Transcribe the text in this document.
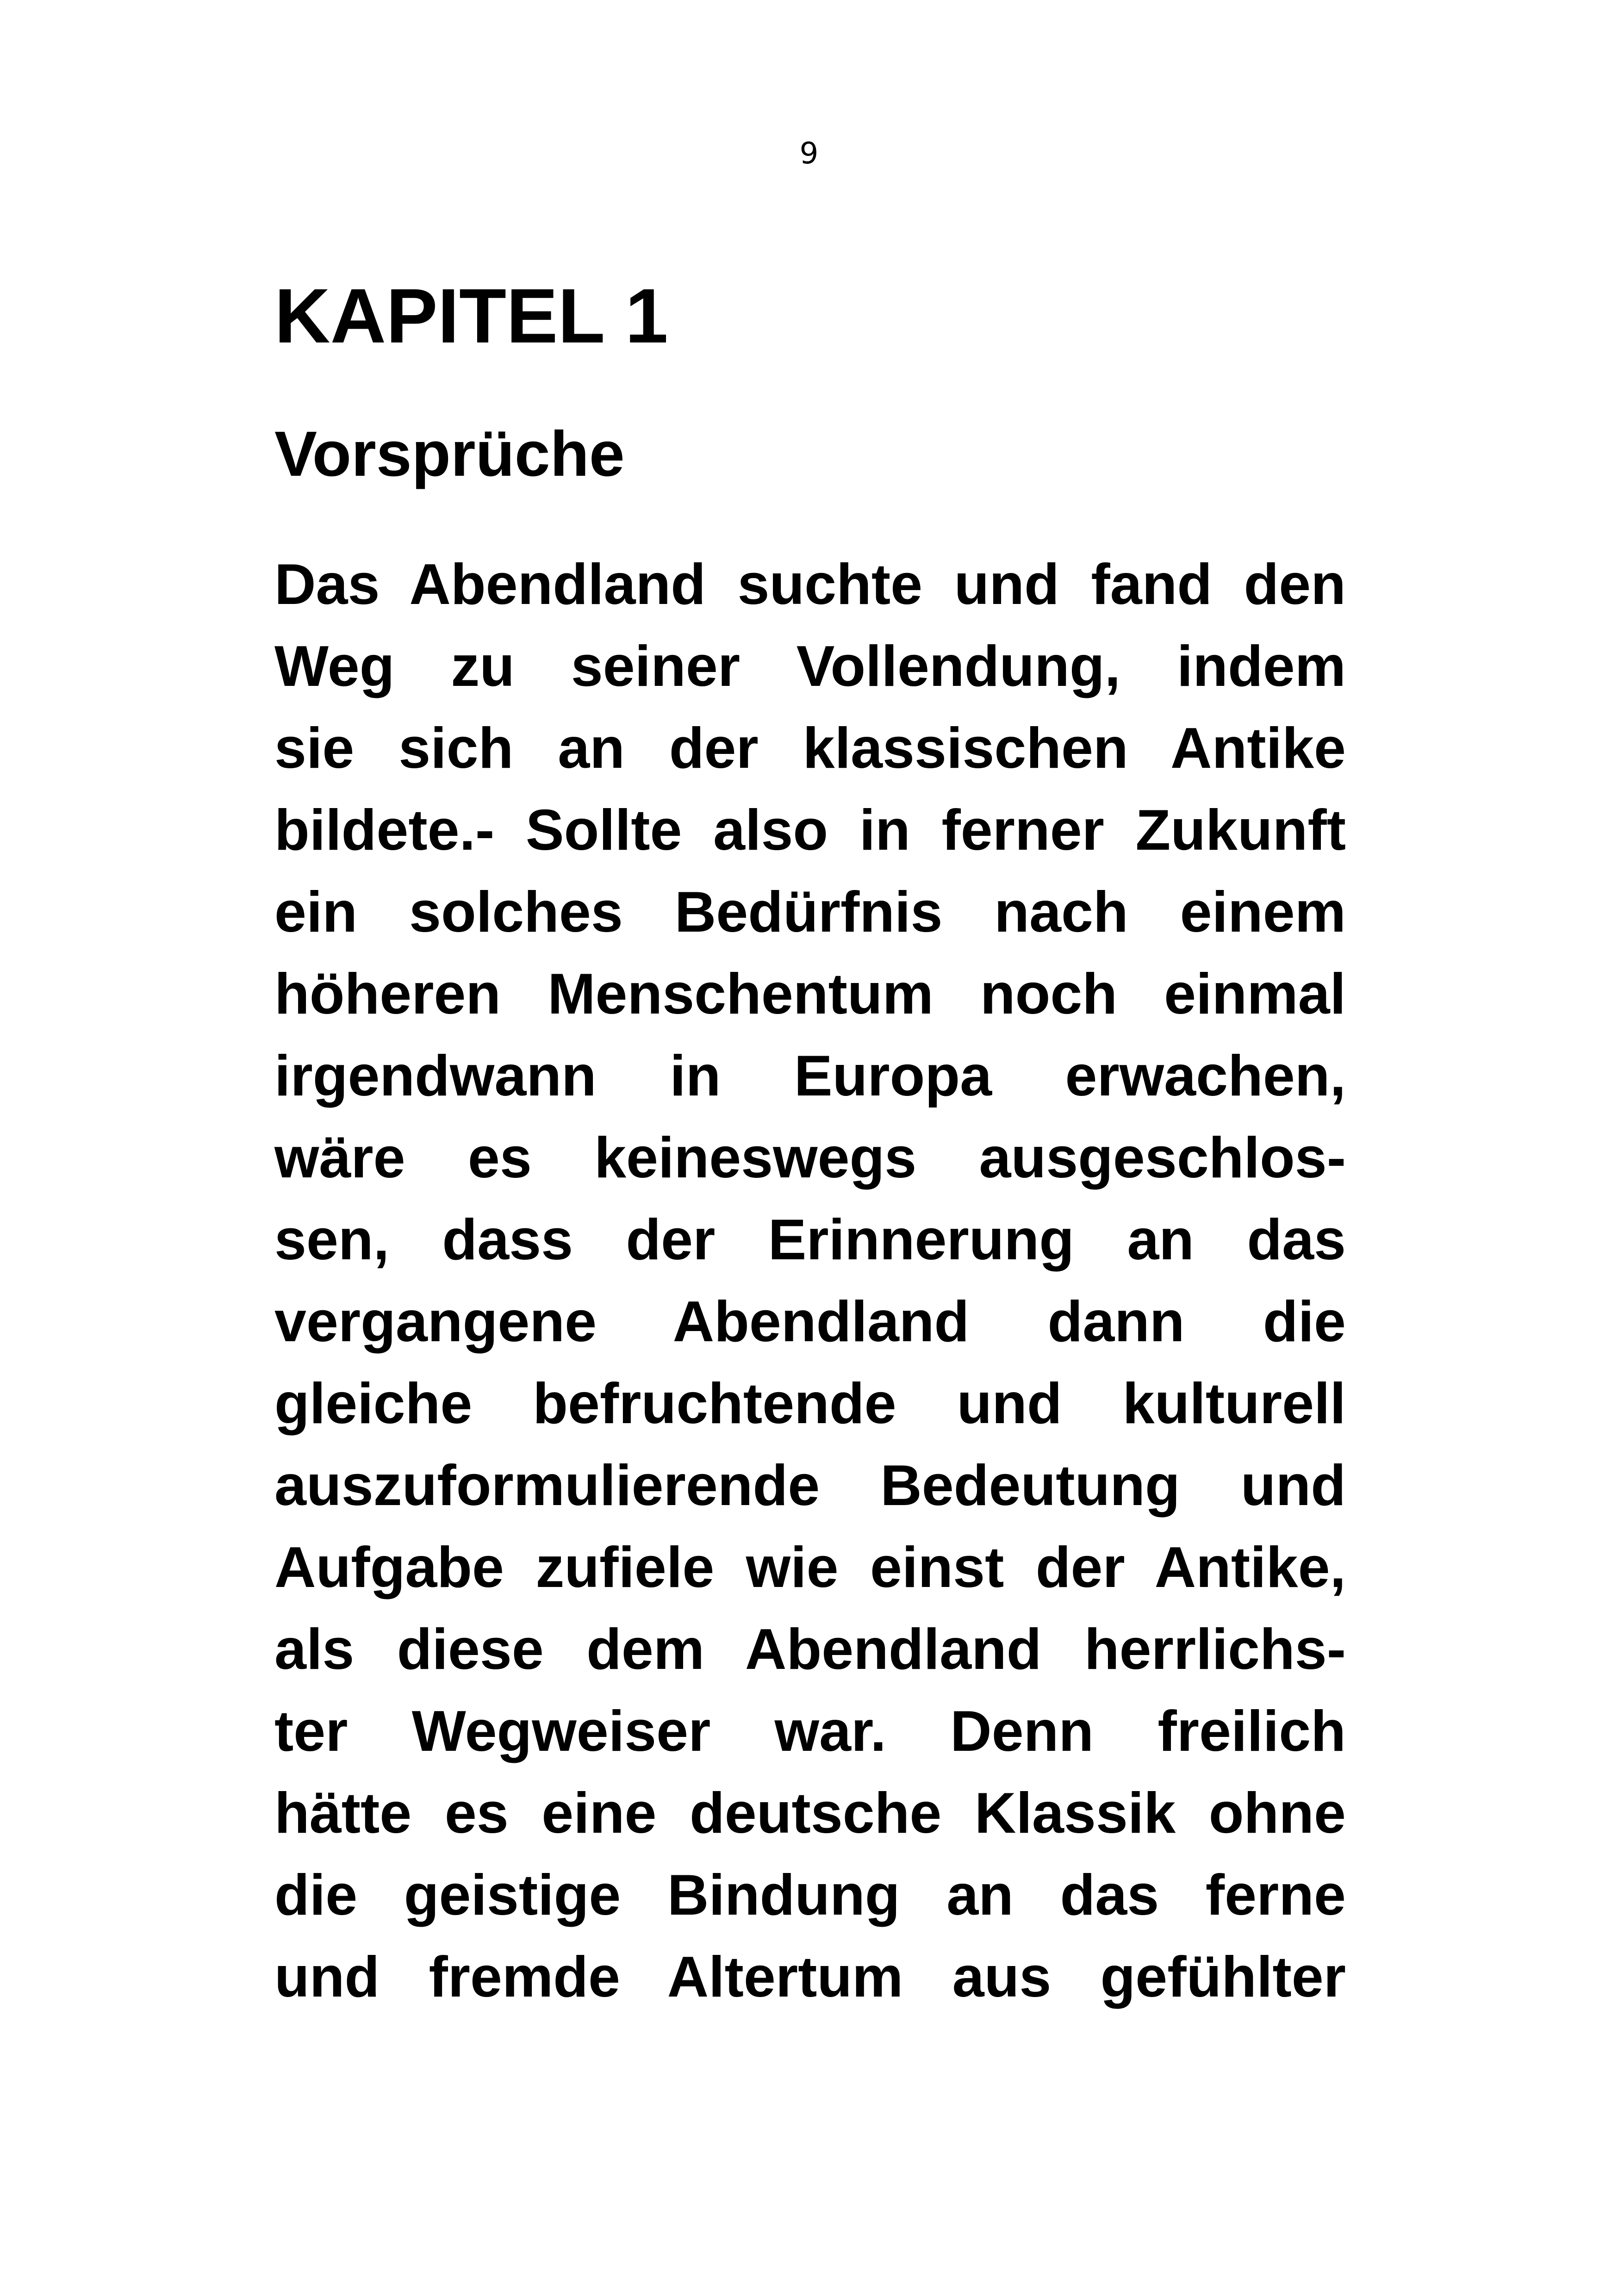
9
KAPITEL 1
Vorsprüche
Das Abendland suchte und fand den
Weg zu seiner Vollendung, indem
sie sich an der klassischen Antike
bildete.- Sollte also in ferner Zukunft
ein solches Bedürfnis nach einem
höheren Menschentum noch einmal
irgendwann in Europa erwachen,
wäre es keineswegs ausgeschlos-
sen, dass der Erinnerung an das
vergangene Abendland dann die
gleiche befruchtende und kulturell
auszuformulierende Bedeutung und
Aufgabe zufiele wie einst der Antike,
als diese dem Abendland herrlichs-
ter Wegweiser war. Denn freilich
hätte es eine deutsche Klassik ohne
die geistige Bindung an das ferne
und fremde Altertum aus gefühlter
